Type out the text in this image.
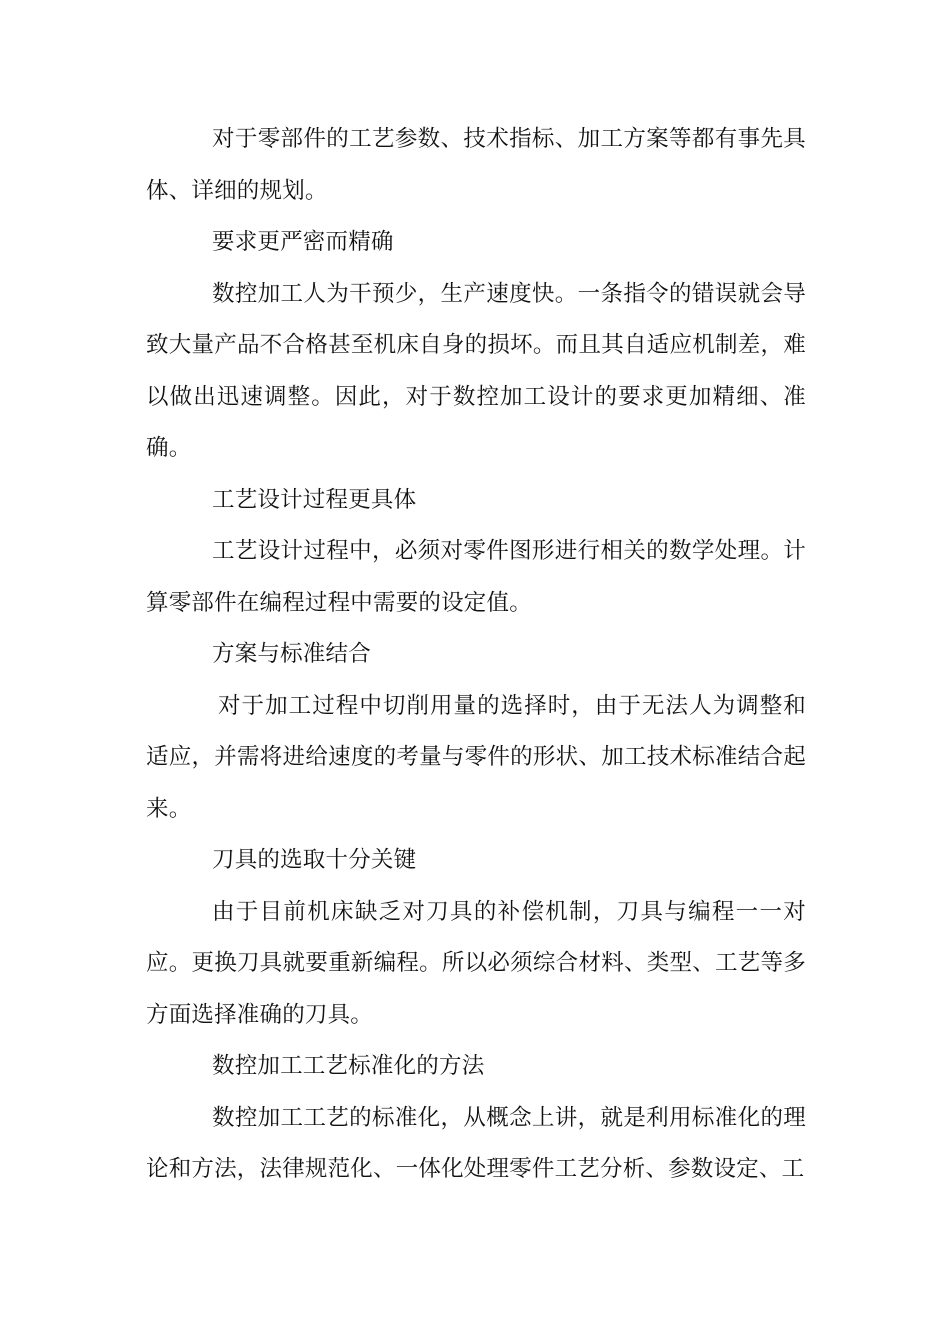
对于零部件的工艺参数、技术指标、加工方案等都有事先具体、详细的规划。

要求更严密而精确

数控加工人为干预少，生产速度快。一条指令的错误就会导致大量产品不合格甚至机床自身的损坏。而且其自适应机制差，难以做出迅速调整。因此，对于数控加工设计的要求更加精细、准确。

工艺设计过程更具体

工艺设计过程中，必须对零件图形进行相关的数学处理。计算零部件在编程过程中需要的设定值。

方案与标准结合

对于加工过程中切削用量的选择时，由于无法人为调整和适应，并需将进给速度的考量与零件的形状、加工技术标准结合起来。

刀具的选取十分关键

由于目前机床缺乏对刀具的补偿机制，刀具与编程一一对应。更换刀具就要重新编程。所以必须综合材料、类型、工艺等多方面选择准确的刀具。

数控加工工艺标准化的方法

数控加工工艺的标准化，从概念上讲，就是利用标准化的理论和方法，法律规范化、一体化处理零件工艺分析、参数设定、工
